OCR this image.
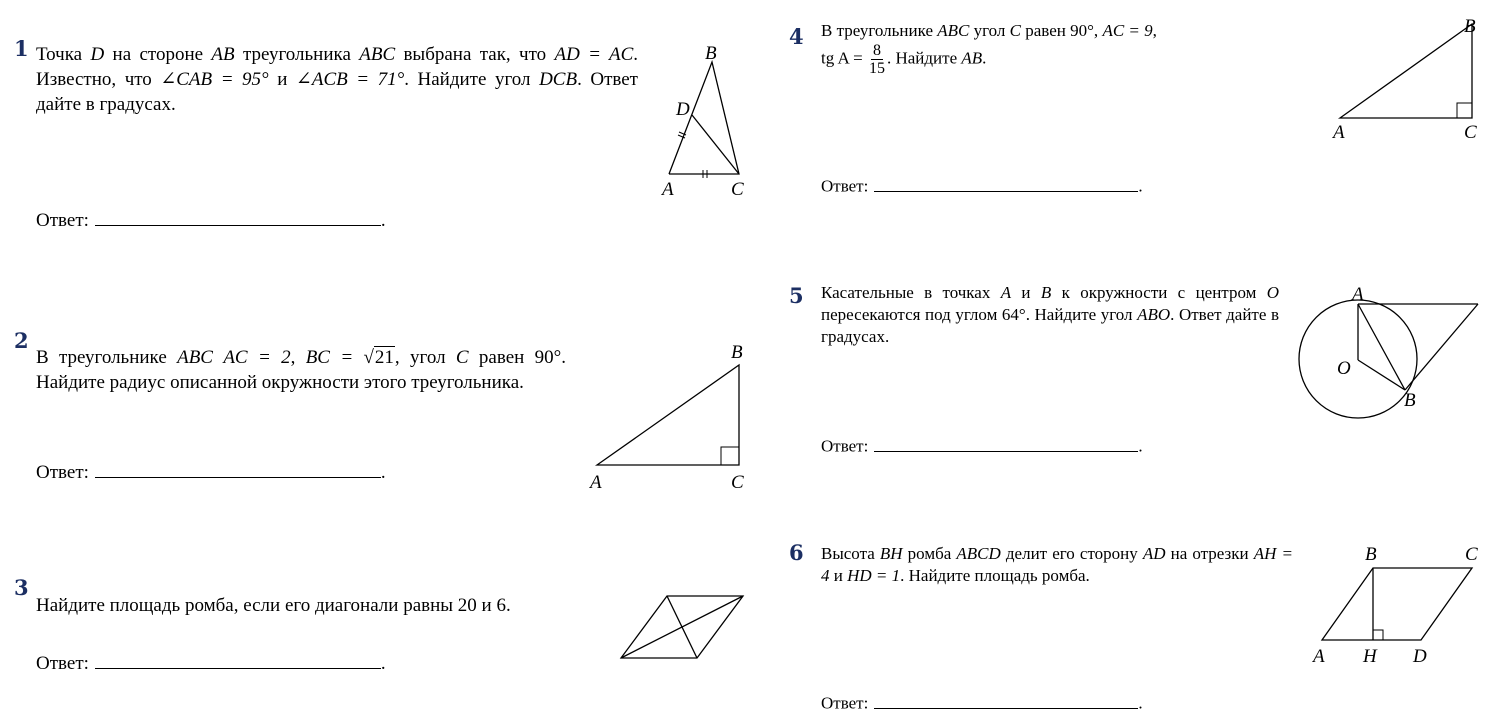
1 Точка D на стороне AB треугольника ABC выбрана так, что AD = AC. Известно, что ∠CAB = 95° и ∠ACB = 71°. Найдите угол DCB. Ответ дайте в градусах.
Ответ:	.
A
B
C
D
2
В треугольнике ABC AC = 2, BC = √21, угол C равен 90°. Найдите радиус описанной окружности этого треугольника.
Ответ:	.	A
B
C
3
Найдите площадь ромба, если его диагонали равны 20 и 6.
Ответ:	.
4 В треугольнике ABC угол C равен 90°, AC = 9,
tg $A = \frac{8}{15}$ . Найдите AB.
Ответ:	.
A
B
C
5 Касательные в точках A и B к окружности с центром O пересекаются под углом 64°. Найдите угол ABO. Ответ дайте в градусах.
Ответ:	.
A
B
O
6 Высота BH ромба ABCD делит его сторону AD на отрезки AH = 4 и HD = 1. Найдите площадь ромба.
Ответ:	.
A
B	C
D
H
